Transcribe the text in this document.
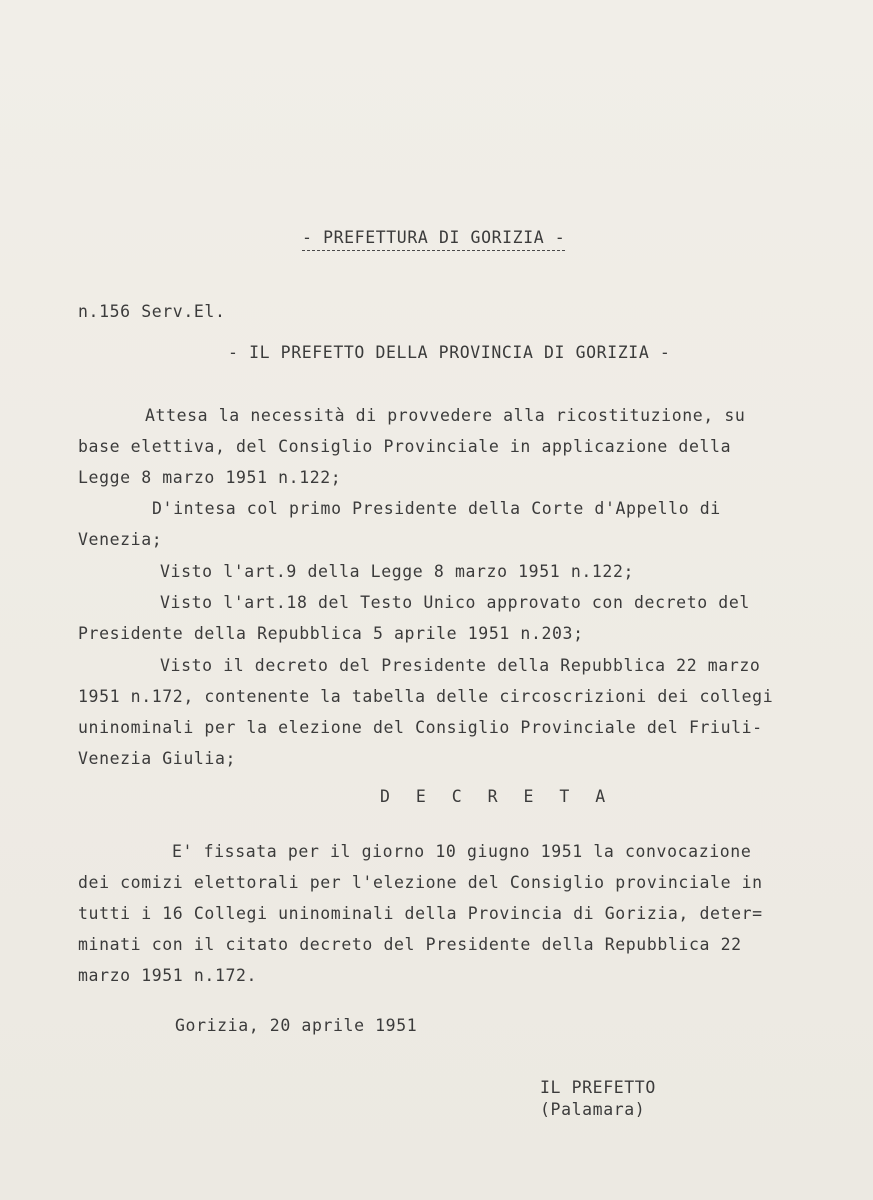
- PREFETTURA DI GORIZIA -
n.156 Serv.El.
- IL PREFETTO DELLA PROVINCIA DI GORIZIA -
Attesa la necessità di provvedere alla ricostituzione, su
base elettiva, del Consiglio Provinciale in applicazione della
Legge 8 marzo 1951 n.122;
D'intesa col primo Presidente della Corte d'Appello di
Venezia;
Visto l'art.9 della Legge 8 marzo 1951 n.122;
Visto l'art.18 del Testo Unico approvato con decreto del
Presidente della Repubblica 5 aprile 1951 n.203;
Visto il decreto del Presidente della Repubblica 22 marzo
1951 n.172, contenente la tabella delle circoscrizioni dei collegi
uninominali per la elezione del Consiglio Provinciale del Friuli-
Venezia Giulia;
D E C R E T A
E' fissata per il giorno 10 giugno 1951 la convocazione
dei comizi elettorali per l'elezione del Consiglio provinciale in
tutti i 16 Collegi uninominali della Provincia di Gorizia, deter=
minati con il citato decreto del Presidente della Repubblica 22
marzo 1951 n.172.
Gorizia, 20 aprile 1951
IL PREFETTO
(Palamara)
